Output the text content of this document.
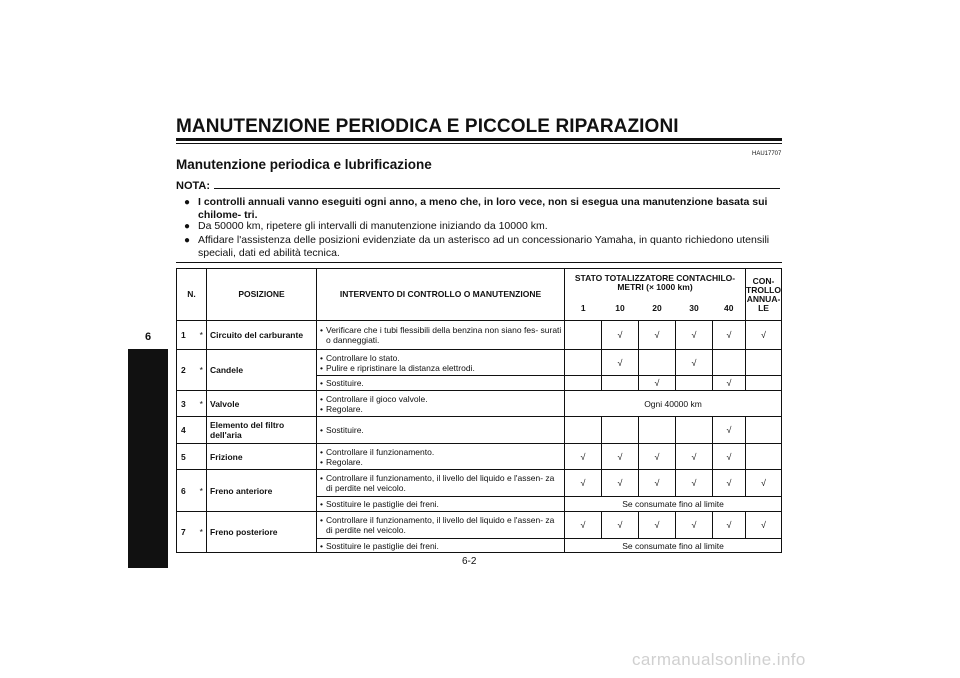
MANUTENZIONE PERIODICA E PICCOLE RIPARAZIONI
HAU17707
Manutenzione periodica e lubrificazione
NOTA:
● I controlli annuali vanno eseguiti ogni anno, a meno che, in loro vece, non si esegua una manutenzione basata sui chilome- tri.
● Da 50000 km, ripetere gli intervalli di manutenzione iniziando da 10000 km.
● Affidare l'assistenza delle posizioni evidenziate da un asterisco ad un concessionario Yamaha, in quanto richiedono utensili speciali, dati ed abilità tecnica.
6
N.		POSIZIONE	INTERVENTO DI CONTROLLO O MANUTENZIONE	STATO TOTALIZZATORE CONTACHILO- METRI (× 1000 km)					CON- TROLLO ANNUA- LE
				1	10	20	30	40	
1	*	Circuito del carburante	• Verificare che i tubi flessibili della benzina non siano fes- surati o danneggiati.		√	√	√	√	√
2	*	Candele	• Controllare lo stato.
• Pulire e ripristinare la distanza elettrodi.		√		√		

			• Sostituire.			√		√	
3	*	Valvole	• Controllare il gioco valvole.
• Regolare.	Ogni 40000 km					
4		Elemento del filtro dell'aria	• Sostituire.					√	
5		Frizione	• Controllare il funzionamento.
• Regolare.	√	√	√	√	√	
6	*	Freno anteriore	• Controllare il funzionamento, il livello del liquido e l'assen- za di perdite nel veicolo.	√	√	√	√	√	√

			• Sostituire le pastiglie dei freni.	Se consumate fino al limite					
7	*	Freno posteriore	• Controllare il funzionamento, il livello del liquido e l'assen- za di perdite nel veicolo.	√	√	√	√	√	√

			• Sostituire le pastiglie dei freni.	Se consumate fino al limite					
6-2
carmanualsonline.info
